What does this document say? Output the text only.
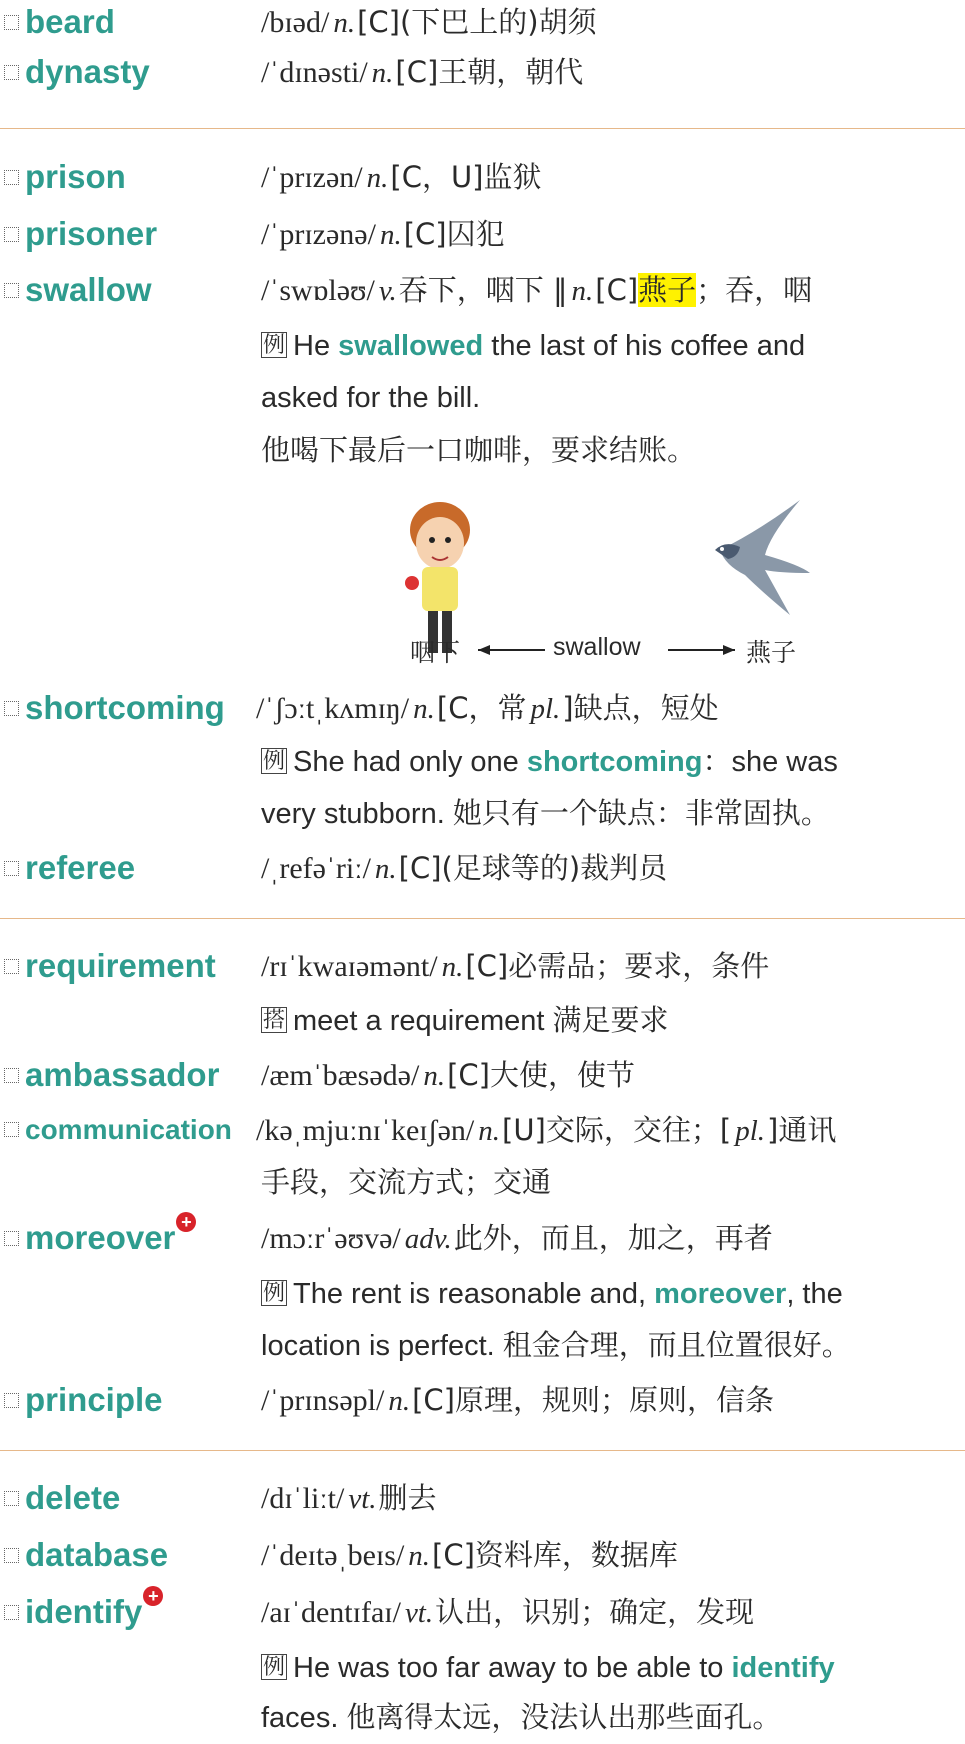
beard	/bɪəd/ n.[C](下巴上的)胡须
dynasty	/ˈdɪnəsti/ n.[C]王朝，朝代
prison	/ˈprɪzən/ n.[C，U]监狱
prisoner	/ˈprɪzənə/ n.[C]囚犯
swallow	/ˈswɒləʊ/ v.吞下，咽下 ‖ n.[C]燕子；吞，咽
例 He swallowed the last of his coffee and
asked for the bill.
他喝下最后一口咖啡，要求结账。
咽下	swallow	燕子
shortcoming /ˈʃɔːtˌkʌmɪŋ/ n.[C，常 pl.]缺点，短处
例 She had only one shortcoming：she was
very stubborn. 她只有一个缺点：非常固执。
referee	/ˌrefəˈriː/ n.[C](足球等的)裁判员
requirement /rɪˈkwaɪəmənt/ n.[C]必需品；要求，条件
搭 meet a requirement 满足要求
ambassador /æmˈbæsədə/ n.[C]大使，使节
communication /kəˌmjuːnɪˈkeɪʃən/ n.[U]交际，交往；[ pl.]通讯
手段，交流方式；交通
moreover + /mɔːrˈəʊvə/ adv.此外，而且，加之，再者
例 The rent is reasonable and, moreover, the
location is perfect. 租金合理，而且位置很好。
principle	/ˈprɪnsəpl/ n.[C]原理，规则；原则，信条
delete	/dɪˈliːt/ vt.删去
database	/ˈdeɪtəˌbeɪs/ n.[C]资料库，数据库
identify +	/aɪˈdentɪfaɪ/ vt.认出，识别；确定，发现
例 He was too far away to be able to identify
faces. 他离得太远，没法认出那些面孔。
